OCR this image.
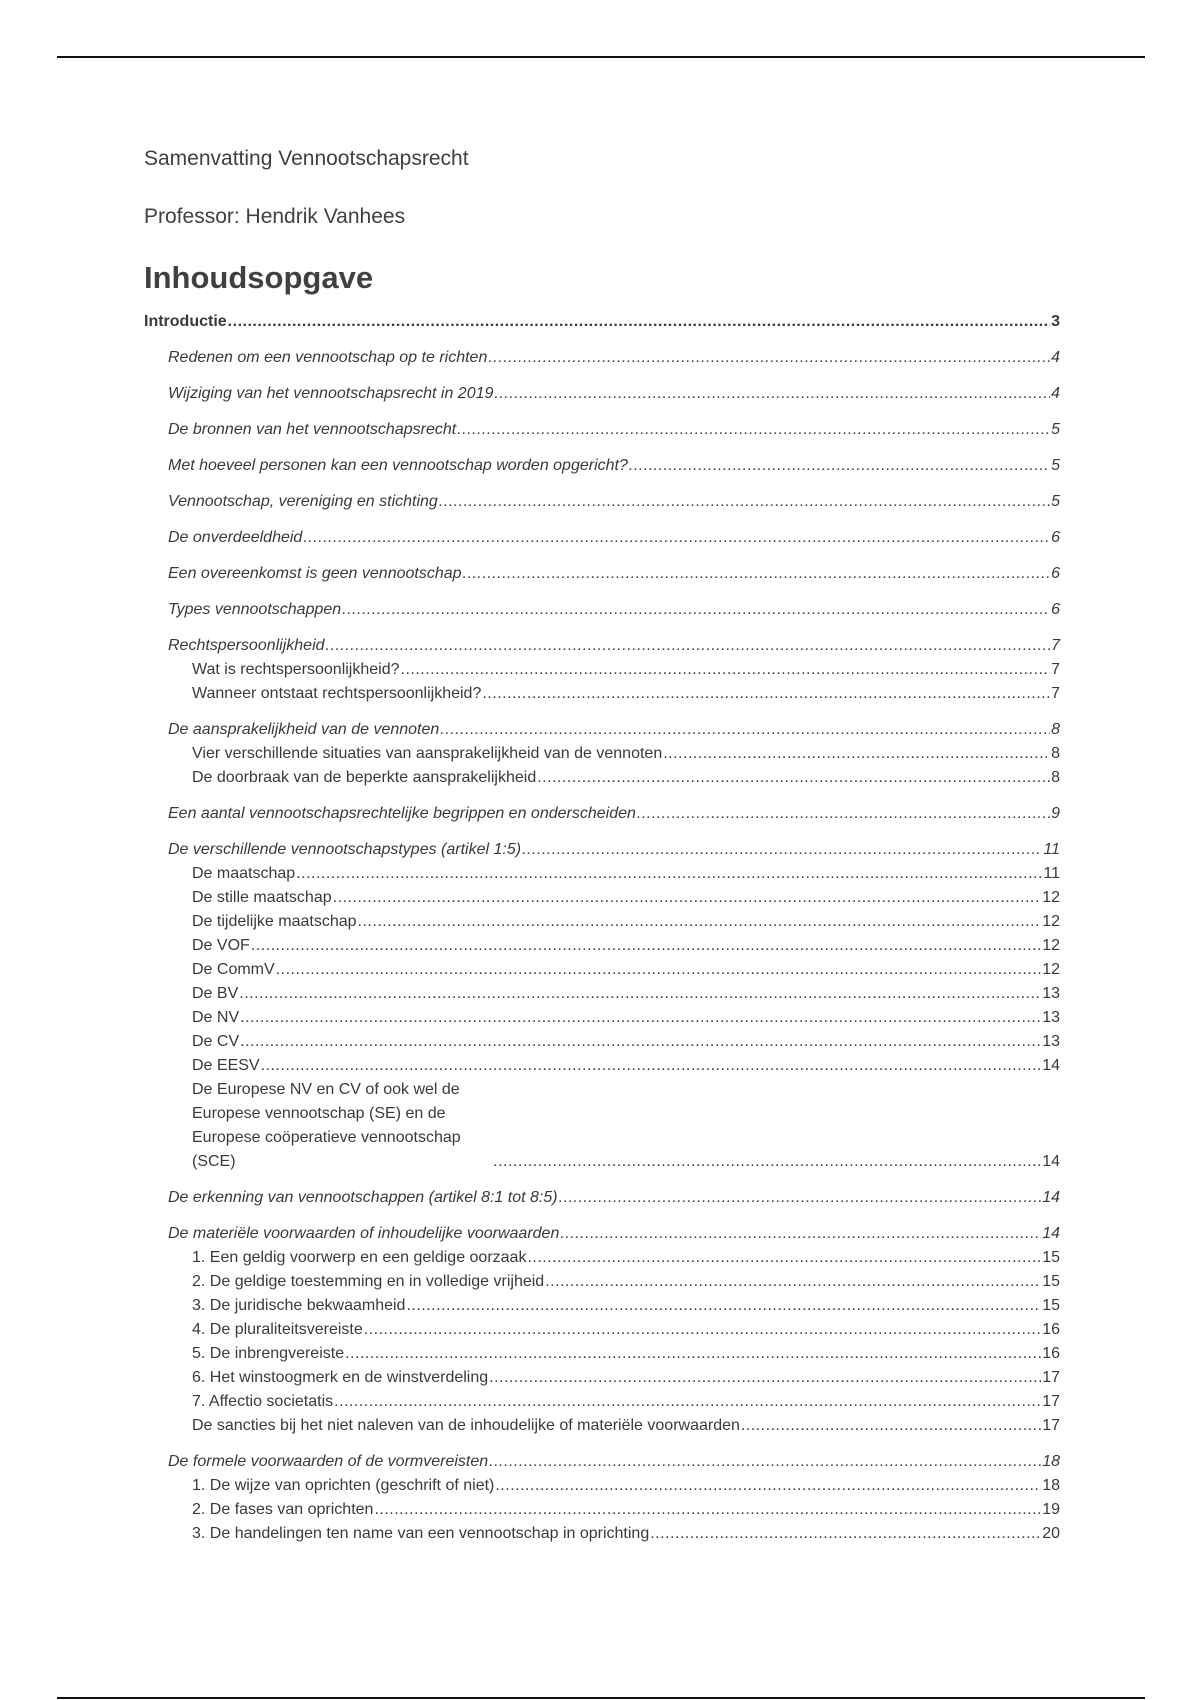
Samenvatting Vennootschapsrecht

Professor: Hendrik Vanhees

Inhoudsopgave
Introductie .....	3
Redenen om een vennootschap op te richten .....	4
Wijziging van het vennootschapsrecht in 2019 .....	4
De bronnen van het vennootschapsrecht .....	5
Met hoeveel personen kan een vennootschap worden opgericht? .....	5
Vennootschap, vereniging en stichting .....	5
De onverdeeldheid .....	6
Een overeenkomst is geen vennootschap .....	6
Types vennootschappen .....	6
Rechtspersoonlijkheid .....	7
Wat is rechtspersoonlijkheid? .....	7
Wanneer ontstaat rechtspersoonlijkheid? .....	7
De aansprakelijkheid van de vennoten .....	8
Vier verschillende situaties van aansprakelijkheid van de vennoten .....	8
De doorbraak van de beperkte aansprakelijkheid .....	8
Een aantal vennootschapsrechtelijke begrippen en onderscheiden .....	9
De verschillende vennootschapstypes (artikel 1:5) .....	11
De maatschap .....	11
De stille maatschap .....	12
De tijdelijke maatschap .....	12
De VOF .....	12
De CommV .....	12
De BV .....	13
De NV .....	13
De CV .....	13
De EESV .....	14
De Europese NV en CV of ook wel de Europese vennootschap (SE) en de Europese coöperatieve vennootschap (SCE) .....	14
De erkenning van vennootschappen (artikel 8:1 tot 8:5) .....	14
De materiële voorwaarden of inhoudelijke voorwaarden .....	14
1. Een geldig voorwerp en een geldige oorzaak .....	15
2. De geldige toestemming en in volledige vrijheid .....	15
3. De juridische bekwaamheid .....	15
4. De pluraliteitsvereiste .....	16
5. De inbrengvereiste .....	16
6. Het winstoogmerk en de winstverdeling .....	17
7. Affectio societatis .....	17
De sancties bij het niet naleven van de inhoudelijke of materiële voorwaarden .....	17
De formele voorwaarden of de vormvereisten .....	18
1. De wijze van oprichten (geschrift of niet) .....	18
2. De fases van oprichten .....	19
3. De handelingen ten name van een vennootschap in oprichting .....	20
